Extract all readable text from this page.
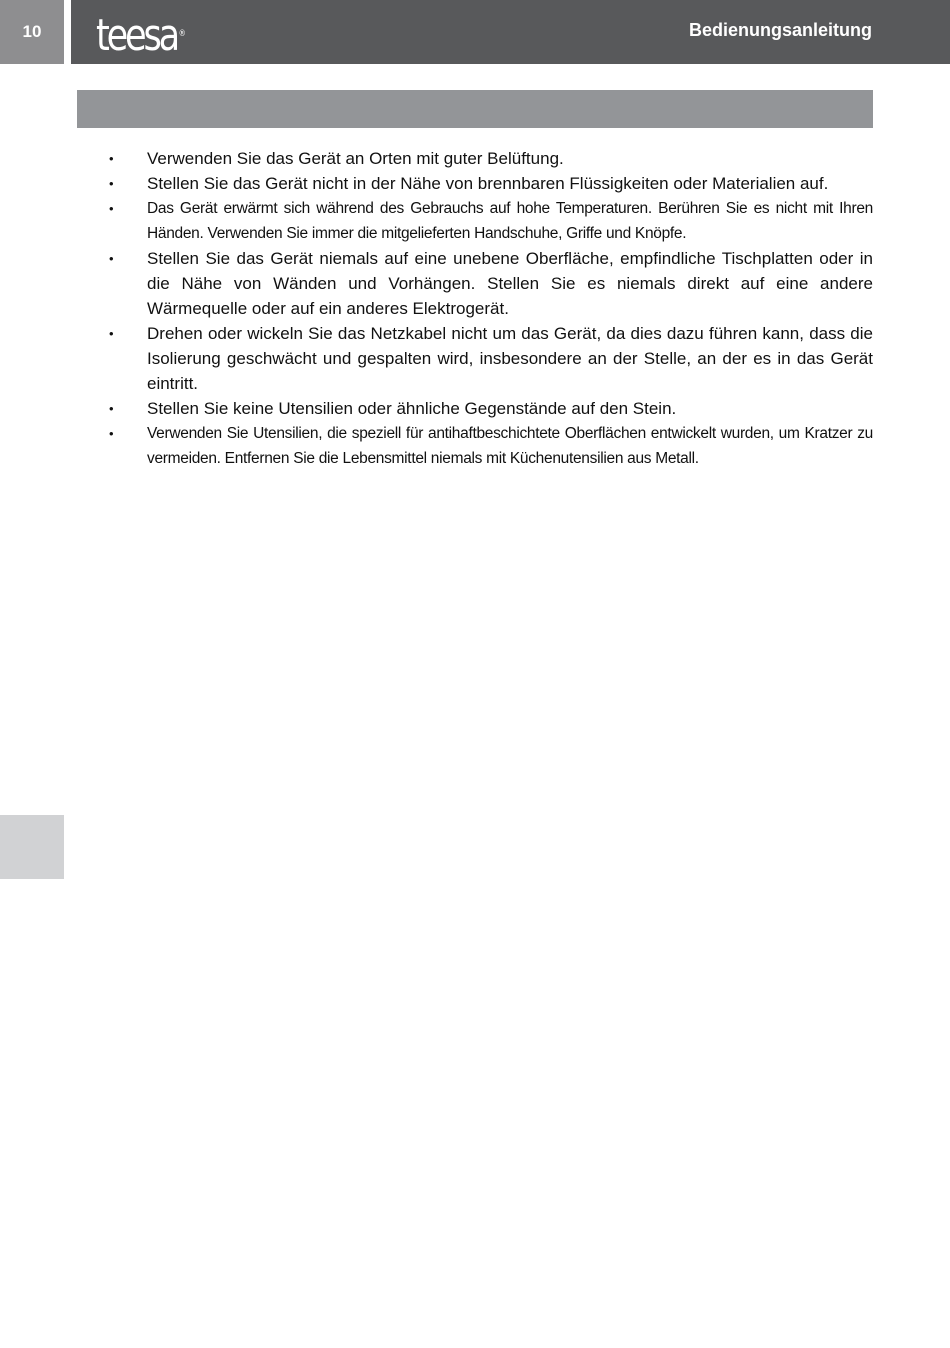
10 teesa ®	Bedienungsanleitung
• Verwenden Sie das Gerät an Orten mit guter Belüftung.
• Stellen Sie das Gerät nicht in der Nähe von brennbaren Flüssigkeiten oder Materialien auf.
• Das Gerät erwärmt sich während des Gebrauchs auf hohe Temperaturen. Berühren Sie es nicht mit Ihren Händen. Verwenden Sie immer die mitgelieferten Handschuhe, Griffe und Knöpfe.
• Stellen Sie das Gerät niemals auf eine unebene Oberfläche, empfindliche Tischplatten oder in die Nähe von Wänden und Vorhängen. Stellen Sie es niemals direkt auf eine andere Wärmequelle oder auf ein anderes Elektrogerät.
• Drehen oder wickeln Sie das Netzkabel nicht um das Gerät, da dies dazu führen kann, dass die Isolierung geschwächt und gespalten wird, insbesondere an der Stelle, an der es in das Gerät eintritt.
• Stellen Sie keine Utensilien oder ähnliche Gegenstände auf den Stein.
• Verwenden Sie Utensilien, die speziell für antihaftbeschichtete Oberflächen entwickelt wurden, um Kratzer zu vermeiden. Entfernen Sie die Lebensmittel niemals mit Küchenutensilien aus Metall.
